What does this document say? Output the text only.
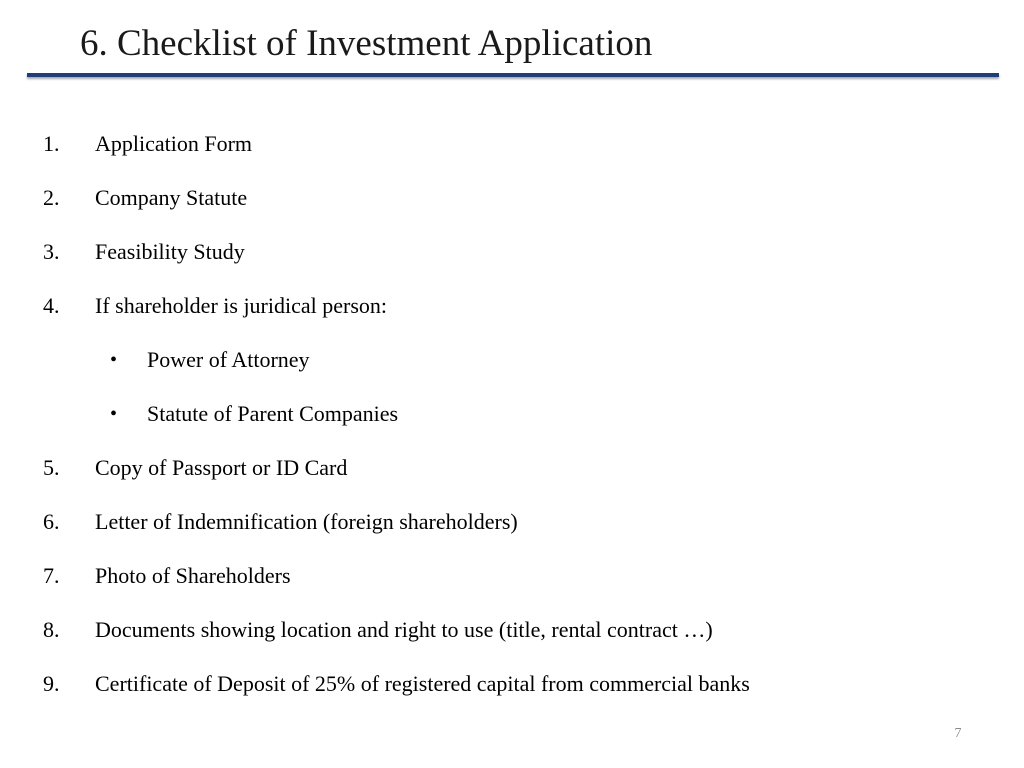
6. Checklist of Investment Application
1. Application Form
2. Company Statute
3. Feasibility Study
4. If shareholder is juridical person:
• Power of Attorney
• Statute of Parent Companies
5. Copy of Passport or ID Card
6. Letter of Indemnification (foreign shareholders)
7. Photo of Shareholders
8. Documents showing location and right to use (title, rental contract …)
9. Certificate of Deposit of 25% of registered capital from commercial banks
7
